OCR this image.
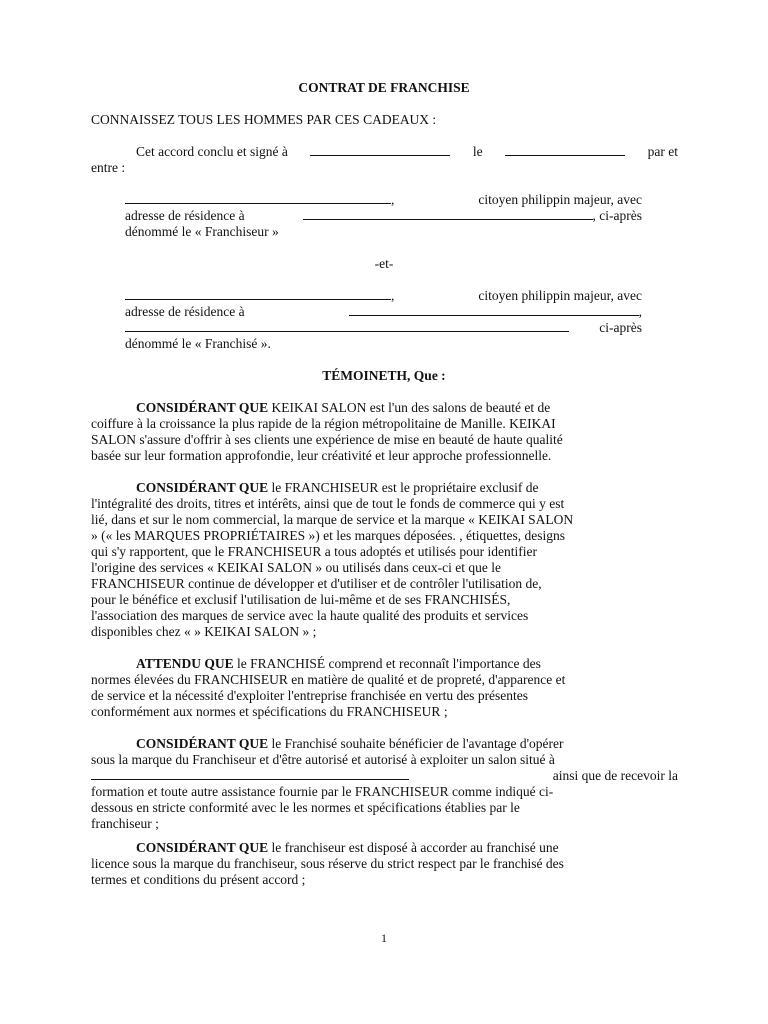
CONTRAT DE FRANCHISE
CONNAISSEZ TOUS LES HOMMES PAR CES CADEAUX :
Cet accord conclu et signé à	le	par et
entre :
,	citoyen philippin majeur, avec
adresse de résidence à	, ci-après
dénommé le « Franchiseur »
-et-
,	citoyen philippin majeur, avec
adresse de résidence à	,
ci-après
dénommé le « Franchisé ».
TÉMOINETH, Que :
CONSIDÉRANT QUE KEIKAI SALON est l'un des salons de beauté et de
coiffure à la croissance la plus rapide de la région métropolitaine de Manille. KEIKAI
SALON s'assure d'offrir à ses clients une expérience de mise en beauté de haute qualité
basée sur leur formation approfondie, leur créativité et leur approche professionnelle.
CONSIDÉRANT QUE le FRANCHISEUR est le propriétaire exclusif de
l'intégralité des droits, titres et intérêts, ainsi que de tout le fonds de commerce qui y est
lié, dans et sur le nom commercial, la marque de service et la marque « KEIKAI SALON
» (« les MARQUES PROPRIÉTAIRES ») et les marques déposées. , étiquettes, designs
qui s'y rapportent, que le FRANCHISEUR a tous adoptés et utilisés pour identifier
l'origine des services « KEIKAI SALON » ou utilisés dans ceux-ci et que le
FRANCHISEUR continue de développer et d'utiliser et de contrôler l'utilisation de,
pour le bénéfice et exclusif l'utilisation de lui-même et de ses FRANCHISÉS,
l'association des marques de service avec la haute qualité des produits et services
disponibles chez « » KEIKAI SALON » ;
ATTENDU QUE le FRANCHISÉ comprend et reconnaît l'importance des
normes élevées du FRANCHISEUR en matière de qualité et de propreté, d'apparence et
de service et la nécessité d'exploiter l'entreprise franchisée en vertu des présentes
conformément aux normes et spécifications du FRANCHISEUR ;
CONSIDÉRANT QUE le Franchisé souhaite bénéficier de l'avantage d'opérer
sous la marque du Franchiseur et d'être autorisé et autorisé à exploiter un salon situé à
ainsi que de recevoir la
formation et toute autre assistance fournie par le FRANCHISEUR comme indiqué ci-
dessous en stricte conformité avec le les normes et spécifications établies par le
franchiseur ;
CONSIDÉRANT QUE le franchiseur est disposé à accorder au franchisé une
licence sous la marque du franchiseur, sous réserve du strict respect par le franchisé des
termes et conditions du présent accord ;
1
